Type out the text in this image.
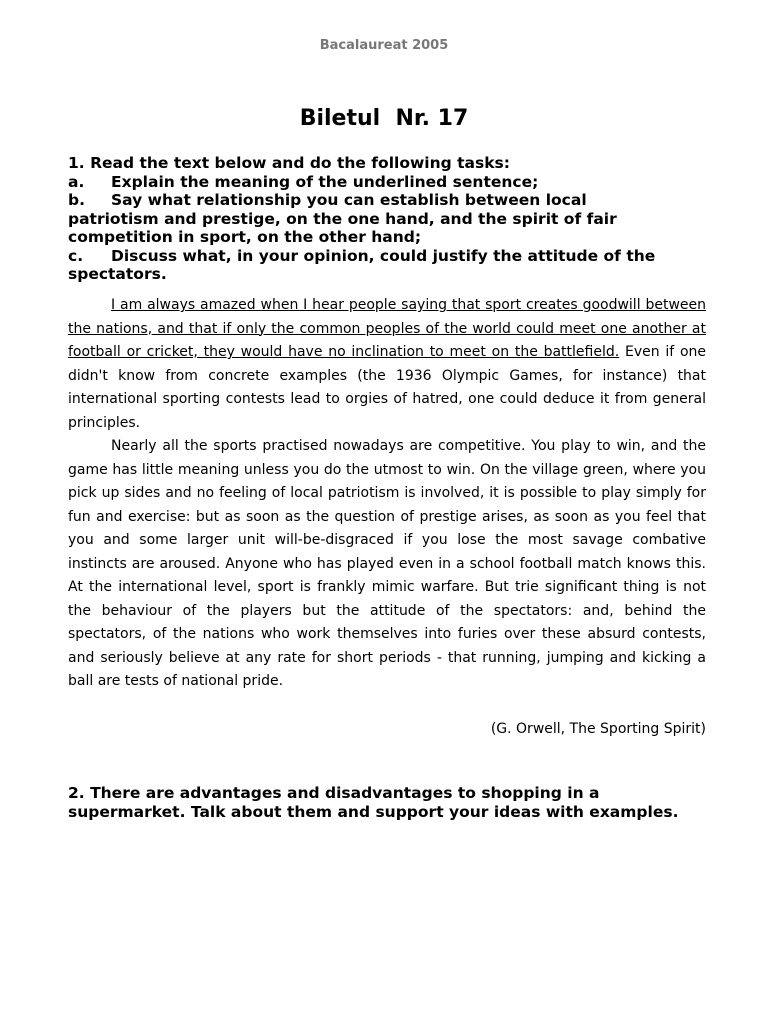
Bacalaureat 2005
Biletul  Nr. 17
1. Read the text below and do the following tasks:
a. Explain the meaning of the underlined sentence;
b. Say what relationship you can establish between local
patriotism and prestige, on the one hand, and the spirit of fair
competition in sport, on the other hand;
c. Discuss what, in your opinion, could justify the attitude of the
spectators.

I am always amazed when I hear people saying that sport creates goodwill between the nations, and that if only the common peoples of the world could meet one another at football or cricket, they would have no inclination to meet on the battlefield. Even if one didn't know from concrete examples (the 1936 Olympic Games, for instance) that international sporting contests lead to orgies of hatred, one could deduce it from general principles.

Nearly all the sports practised nowadays are competitive. You play to win, and the game has little meaning unless you do the utmost to win. On the village green, where you pick up sides and no feeling of local patriotism is involved, it is possible to play simply for fun and exercise: but as soon as the question of prestige arises, as soon as you feel that you and some larger unit will-be-disgraced if you lose the most savage combative instincts are aroused. Anyone who has played even in a school football match knows this. At the international level, sport is frankly mimic warfare. But trie significant thing is not the behaviour of the players but the attitude of the spectators: and, behind the spectators, of the nations who work themselves into furies over these absurd contests, and seriously believe at any rate for short periods - that running, jumping and kicking a ball are tests of national pride.

(G. Orwell, The Sporting Spirit)
2. There are advantages and disadvantages to shopping in a supermarket. Talk about them and support your ideas with examples.
